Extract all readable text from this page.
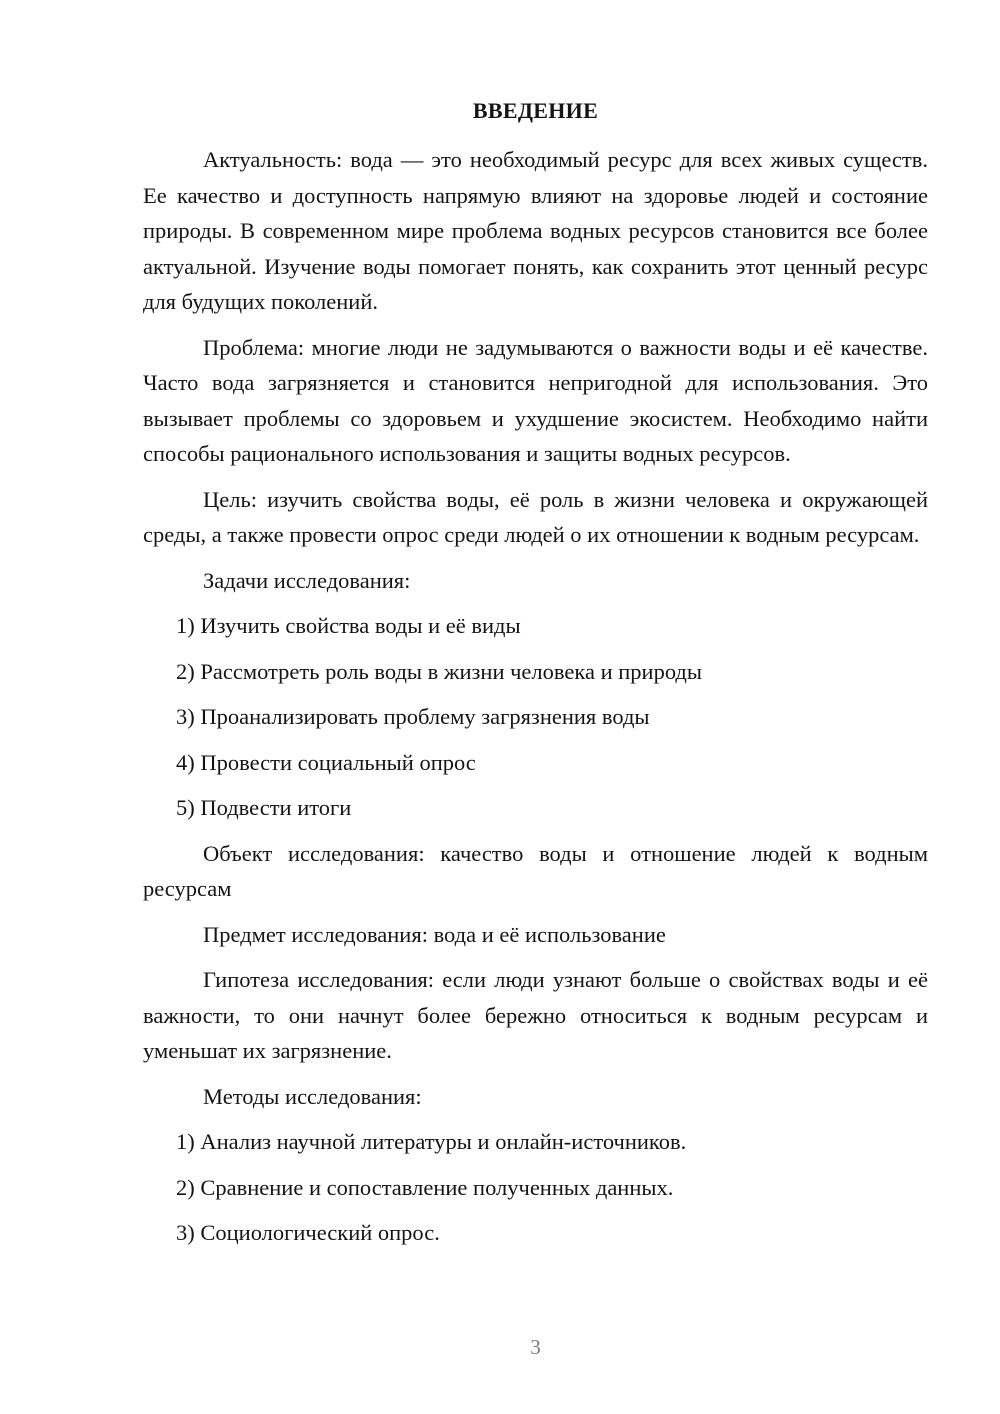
ВВЕДЕНИЕ

Актуальность: вода — это необходимый ресурс для всех живых существ. Ее качество и доступность напрямую влияют на здоровье людей и состояние природы. В современном мире проблема водных ресурсов становится все более актуальной. Изучение воды помогает понять, как сохранить этот ценный ресурс для будущих поколений.

Проблема: многие люди не задумываются о важности воды и её качестве. Часто вода загрязняется и становится непригодной для использования. Это вызывает проблемы со здоровьем и ухудшение экосистем. Необходимо найти способы рационального использования и защиты водных ресурсов.

Цель: изучить свойства воды, её роль в жизни человека и окружающей среды, а также провести опрос среди людей о их отношении к водным ресурсам.

Задачи исследования:
1) Изучить свойства воды и её виды
2) Рассмотреть роль воды в жизни человека и природы
3) Проанализировать проблему загрязнения воды
4) Провести социальный опрос
5) Подвести итоги

Объект исследования: качество воды и отношение людей к водным ресурсам

Предмет исследования: вода и её использование

Гипотеза исследования: если люди узнают больше о свойствах воды и её важности, то они начнут более бережно относиться к водным ресурсам и уменьшат их загрязнение.

Методы исследования:
1) Анализ научной литературы и онлайн-источников.
2) Сравнение и сопоставление полученных данных.
3) Социологический опрос.
3
